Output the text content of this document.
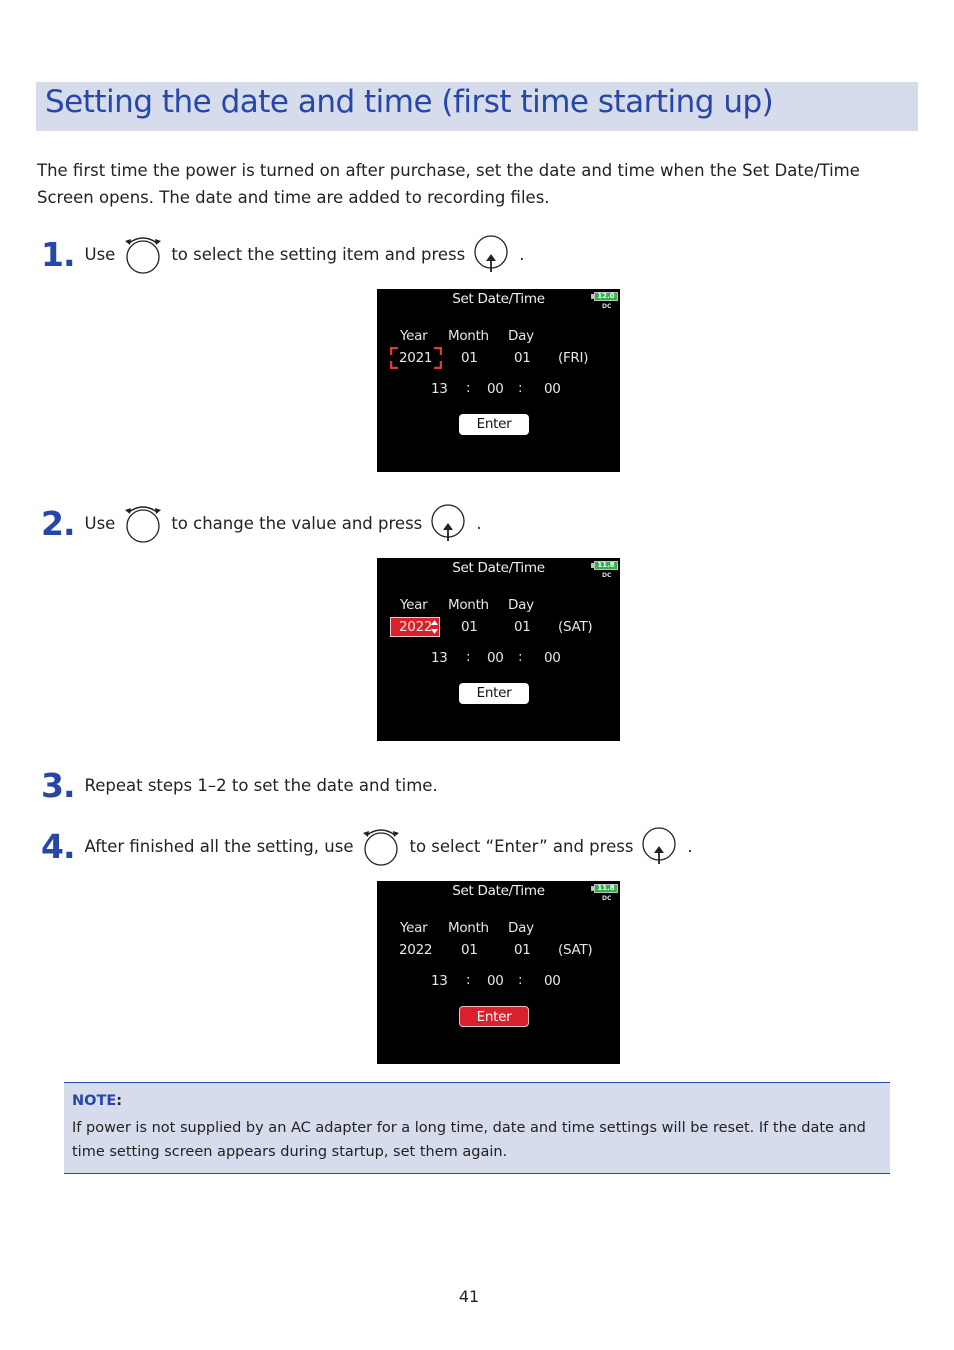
Setting the date and time (first time starting up)

The first time the power is turned on after purchase, set the date and time when the Set Date/Time Screen opens. The date and time are added to recording files.

1. Use	to select the setting item and press	.
Set Date/Time	12.0
DC
Year Month Day
2021 01	01 (FRI)
13 : 00 : 00
Enter
2. Use	to change the value and press	.
Set Date/Time	11.8
DC
Year Month Day
2022 01	01 (SAT)
13 : 00 : 00
Enter
3. Repeat steps 1–2 to set the date and time.
4. After finished all the setting, use	to select “Enter” and press	.
Set Date/Time	11.8
DC
Year Month Day
2022 01	01 (SAT)
13 : 00 : 00
Enter
NOTE:
If power is not supplied by an AC adapter for a long time, date and time settings will be reset. If the date and time setting screen appears during startup, set them again.
41
